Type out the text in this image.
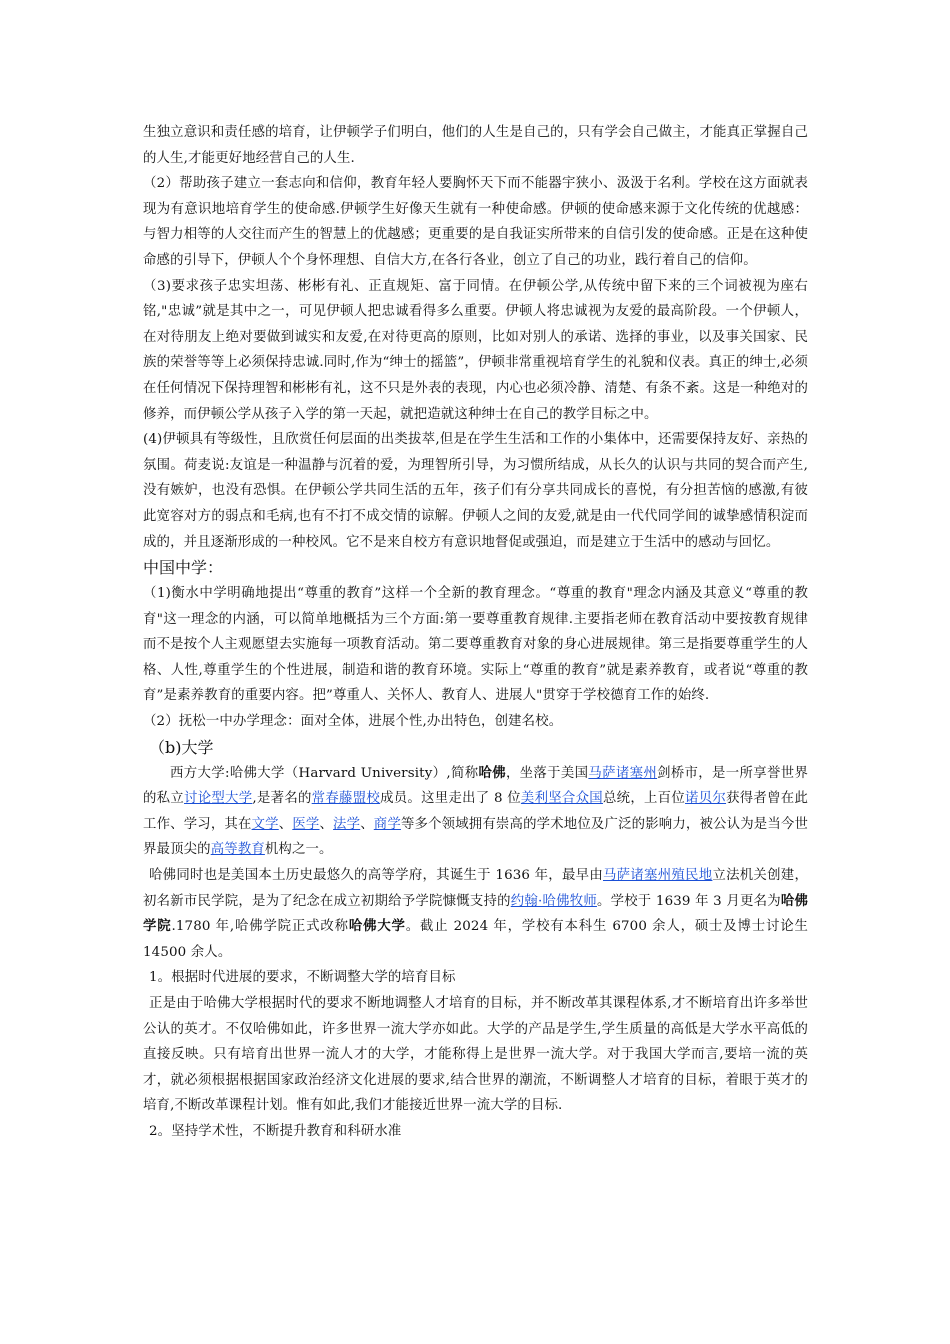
生独立意识和责任感的培育，让伊顿学子们明白，他们的人生是自己的，只有学会自己做主，才能真正掌握自己的人生,才能更好地经营自己的人生.

（2）帮助孩子建立一套志向和信仰，教育年轻人要胸怀天下而不能器宇狭小、汲汲于名利。学校在这方面就表现为有意识地培育学生的使命感.伊顿学生好像天生就有一种使命感。伊顿的使命感来源于文化传统的优越感：与智力相等的人交往而产生的智慧上的优越感；更重要的是自我证实所带来的自信引发的使命感。正是在这种使命感的引导下，伊顿人个个身怀理想、自信大方,在各行各业，创立了自己的功业，践行着自己的信仰。

（3)要求孩子忠实坦荡、彬彬有礼、正直规矩、富于同情。在伊顿公学,从传统中留下来的三个词被视为座右铭,"忠诚”就是其中之一，可见伊顿人把忠诚看得多么重要。伊顿人将忠诚视为友爱的最高阶段。一个伊顿人，在对待朋友上绝对要做到诚实和友爱,在对待更高的原则，比如对别人的承诺、选择的事业，以及事关国家、民族的荣誉等等上必须保持忠诚.同时,作为“绅士的摇篮”，伊顿非常重视培育学生的礼貌和仪表。真正的绅士,必须在任何情况下保持理智和彬彬有礼，这不只是外表的表现，内心也必须冷静、清楚、有条不紊。这是一种绝对的修养，而伊顿公学从孩子入学的第一天起，就把造就这种绅士在自己的教学目标之中。

(4)伊顿具有等级性，且欣赏任何层面的出类拔萃,但是在学生生活和工作的小集体中，还需要保持友好、亲热的氛围。荷麦说:友谊是一种温静与沉着的爱，为理智所引导，为习惯所结成，从长久的认识与共同的契合而产生,没有嫉妒，也没有恐惧。在伊顿公学共同生活的五年，孩子们有分享共同成长的喜悦，有分担苦恼的感激,有彼此宽容对方的弱点和毛病,也有不打不成交情的谅解。伊顿人之间的友爱,就是由一代代同学间的诚挚感情积淀而成的，并且逐渐形成的一种校风。它不是来自校方有意识地督促或强迫，而是建立于生活中的感动与回忆。

中国中学：

（1)衡水中学明确地提出“尊重的教育”这样一个全新的教育理念。“尊重的教育"理念内涵及其意义“尊重的教育"这一理念的内涵，可以简单地概括为三个方面:第一要尊重教育规律.主要指老师在教育活动中要按教育规律而不是按个人主观愿望去实施每一项教育活动。第二要尊重教育对象的身心进展规律。第三是指要尊重学生的人格、人性,尊重学生的个性进展，制造和谐的教育环境。实际上“尊重的教育”就是素养教育，或者说“尊重的教育”是素养教育的重要内容。把”尊重人、关怀人、教育人、进展人"贯穿于学校德育工作的始终.

（2）抚松一中办学理念：面对全体，进展个性,办出特色，创建名校。

（b)大学

西方大学:哈佛大学（Harvard University）,简称哈佛，坐落于美国马萨诸塞州剑桥市，是一所享誉世界的私立讨论型大学,是著名的常春藤盟校成员。这里走出了 8 位美利坚合众国总统，上百位诺贝尔获得者曾在此工作、学习，其在文学、医学、法学、商学等多个领域拥有崇高的学术地位及广泛的影响力，被公认为是当今世界最顶尖的高等教育机构之一。

哈佛同时也是美国本土历史最悠久的高等学府，其诞生于 1636 年，最早由马萨诸塞州殖民地立法机关创建，初名新市民学院，是为了纪念在成立初期给予学院慷慨支持的约翰·哈佛牧师。学校于 1639 年 3 月更名为哈佛学院.1780 年,哈佛学院正式改称哈佛大学。截止 2024 年，学校有本科生 6700 余人，硕士及博士讨论生 14500 余人。

1。根据时代进展的要求，不断调整大学的培育目标

正是由于哈佛大学根据时代的要求不断地调整人才培育的目标，并不断改革其课程体系,才不断培育出许多举世公认的英才。不仅哈佛如此，许多世界一流大学亦如此。大学的产品是学生,学生质量的高低是大学水平高低的直接反映。只有培育出世界一流人才的大学，才能称得上是世界一流大学。对于我国大学而言,要培一流的英才，就必须根据根据国家政治经济文化进展的要求,结合世界的潮流，不断调整人才培育的目标，着眼于英才的培育,不断改革课程计划。惟有如此,我们才能接近世界一流大学的目标.

2。坚持学术性，不断提升教育和科研水准
